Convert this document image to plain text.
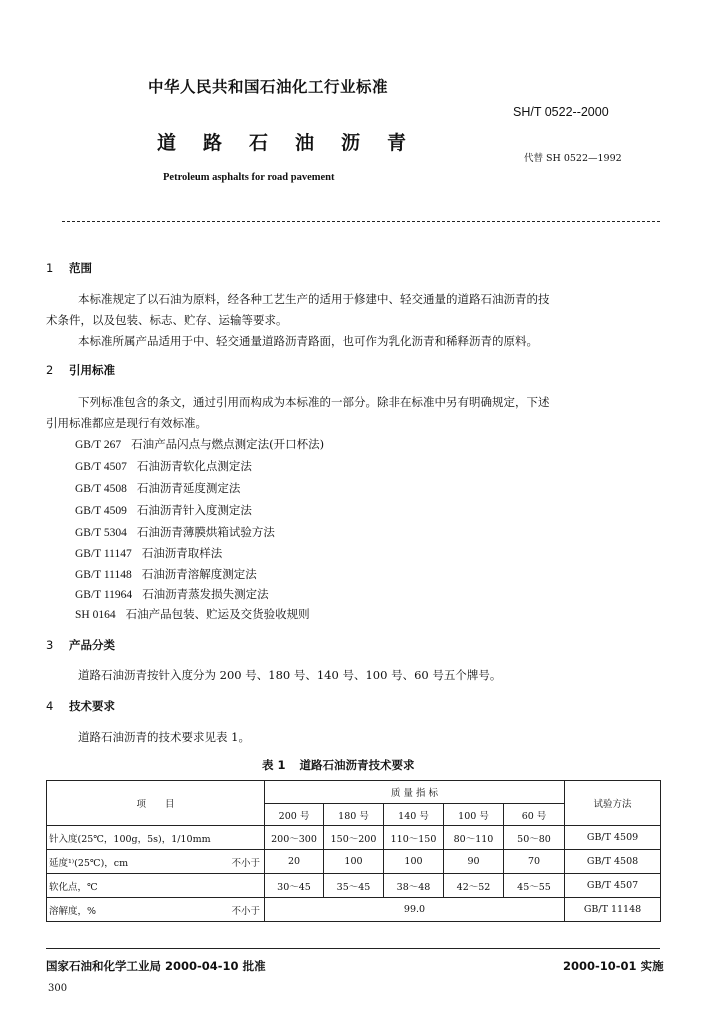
中华人民共和国石油化工行业标准
SH/T 0522--2000
道路石油沥青
代替 SH 0522—1992
Petroleum asphalts for road pavement
1 范围
本标准规定了以石油为原料，经各种工艺生产的适用于修建中、轻交通量的道路石油沥青的技
术条件，以及包装、标志、贮存、运输等要求。
本标准所属产品适用于中、轻交通量道路沥青路面，也可作为乳化沥青和稀释沥青的原料。
2 引用标准
下列标准包含的条文，通过引用而构成为本标准的一部分。除非在标准中另有明确规定，下述
引用标准都应是现行有效标准。
GB/T 267 石油产品闪点与燃点测定法(开口杯法)
GB/T 4507 石油沥青软化点测定法
GB/T 4508 石油沥青延度测定法
GB/T 4509 石油沥青针入度测定法
GB/T 5304 石油沥青薄膜烘箱试验方法
GB/T 11147 石油沥青取样法
GB/T 11148 石油沥青溶解度测定法
GB/T 11964 石油沥青蒸发损失测定法
SH 0164 石油产品包装、贮运及交货验收规则
3 产品分类
道路石油沥青按针入度分为 200 号、180 号、140 号、100 号、60 号五个牌号。
4 技术要求
道路石油沥青的技术要求见表 1。
表 1 道路石油沥青技术要求
项　　目	质 量 指 标					试验方法
	200 号	180 号	140 号	100 号	60 号	
针入度(25℃，100g，5s)，1/10mm	200～300	150～200	110～150	80～110	50～80	GB/T 4509
延度¹⁾(25℃)，cm 不小于	20	100	100	90	70	GB/T 4508
软化点，℃	30～45	35～45	38～48	42～52	45～55	GB/T 4507
溶解度，% 不小于	99.0					GB/T 11148
国家石油和化学工业局 2000-04-10 批准	2000-10-01 实施
300
